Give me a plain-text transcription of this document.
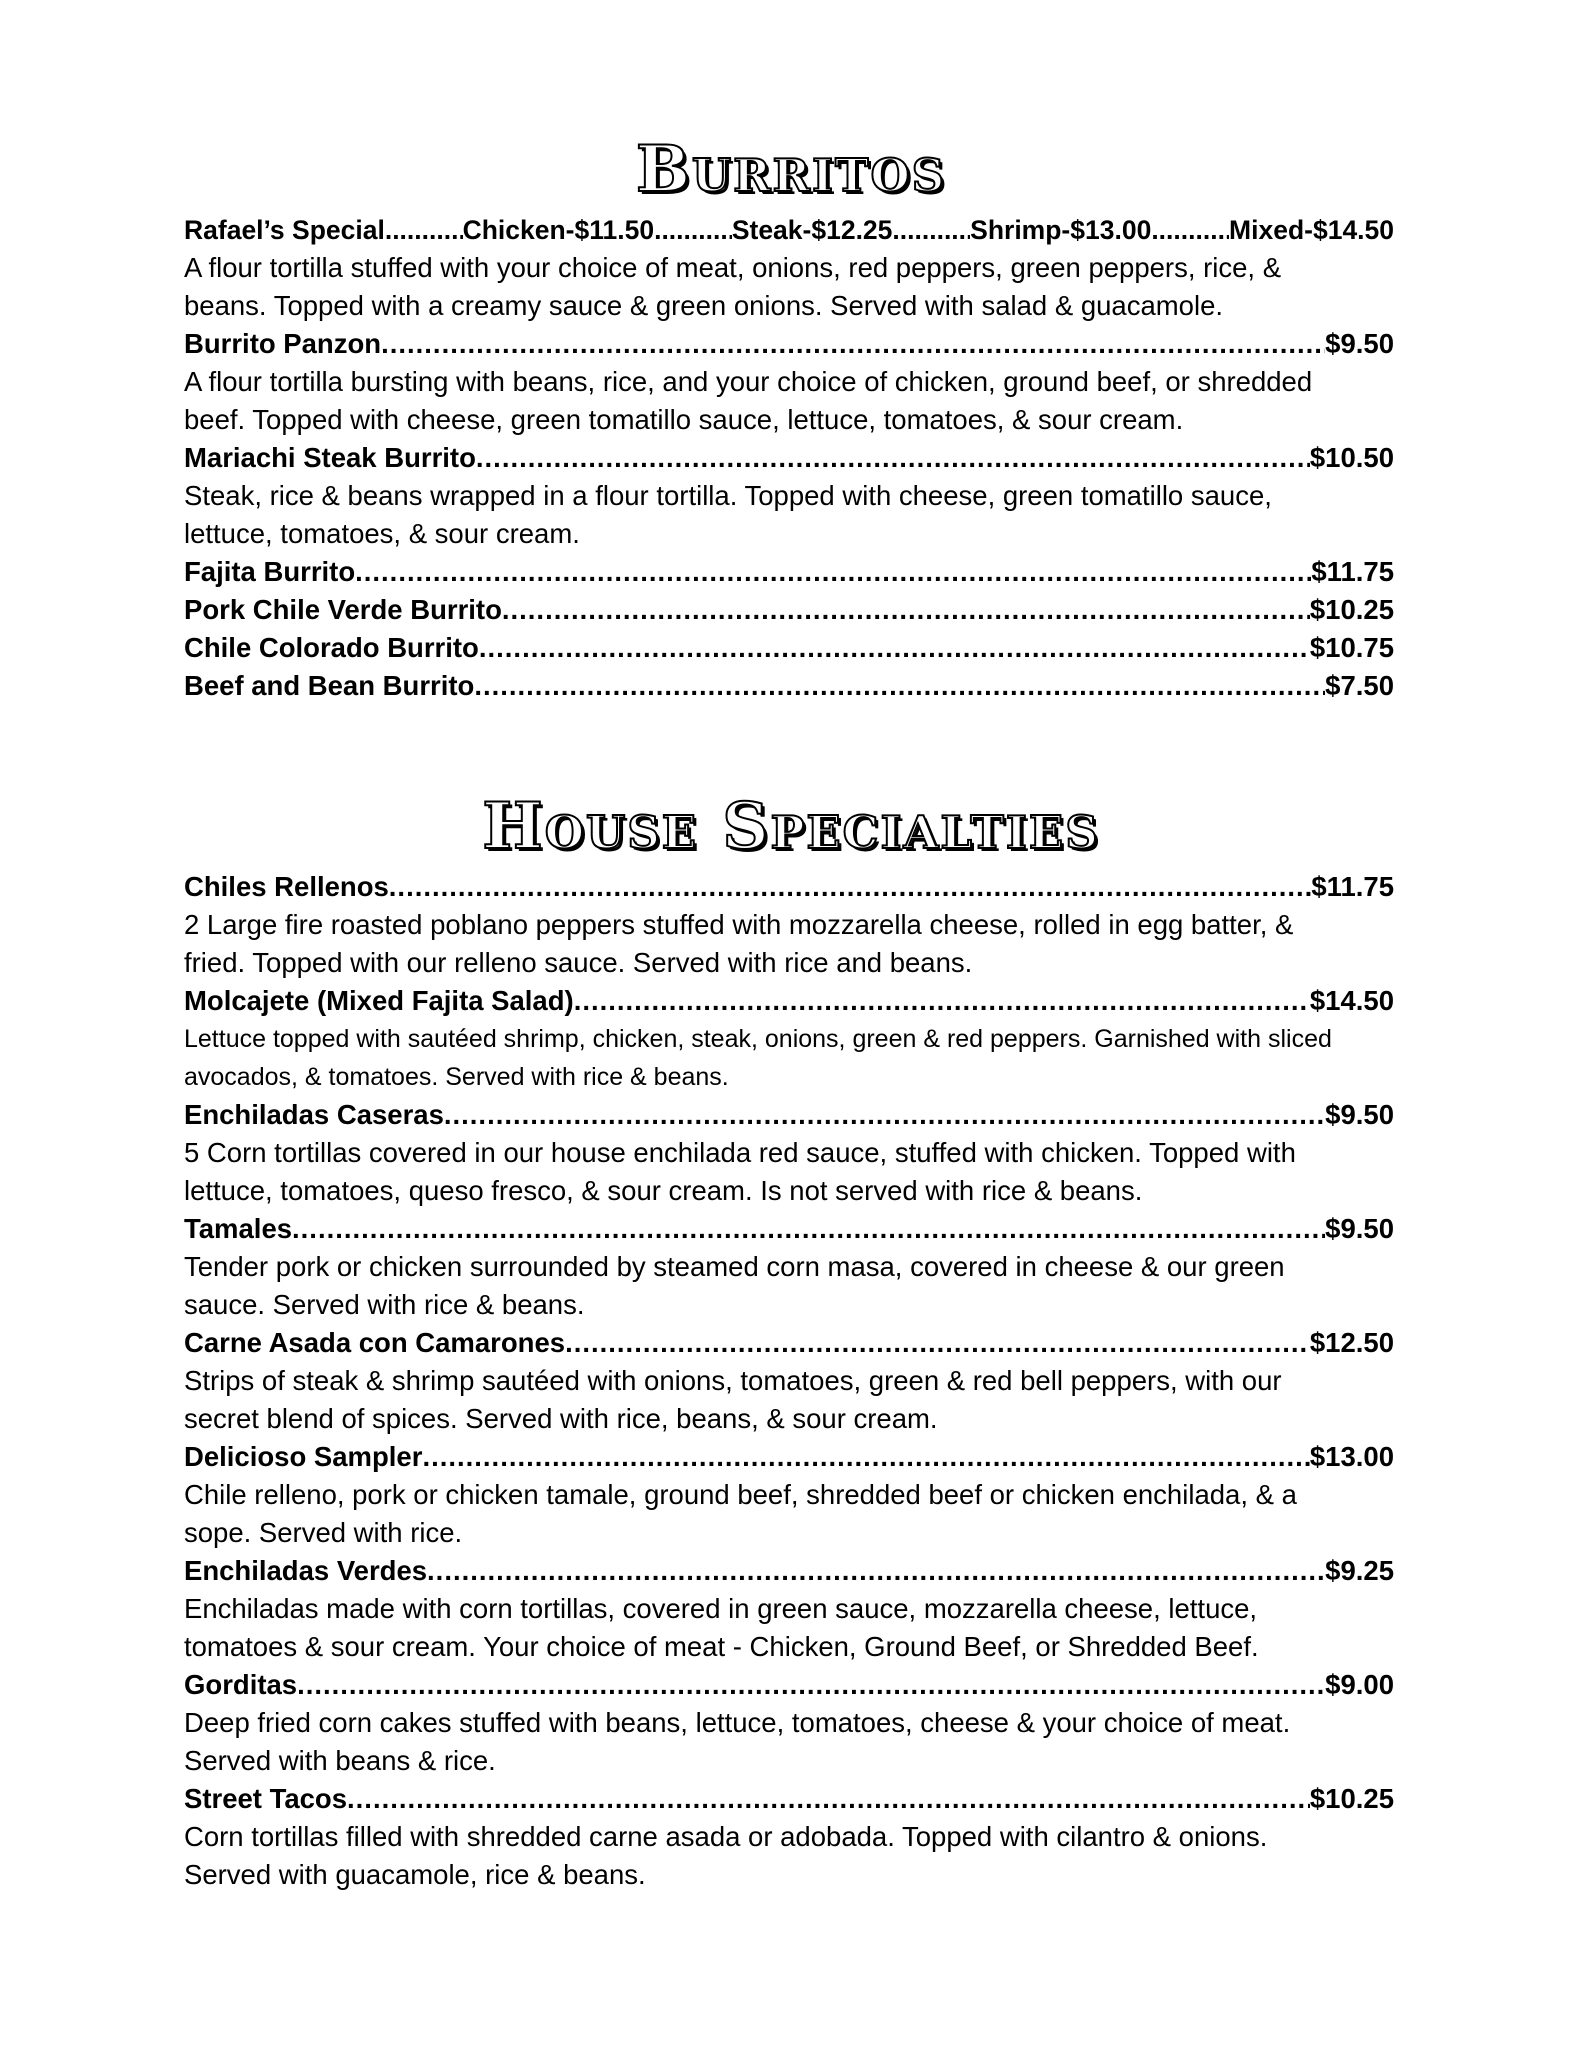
Burritos
Rafael’s Special .....	Chicken-$11.50 .....	Steak-$12.25 .....	Shrimp-$13.00 .....	Mixed-$14.50
A flour tortilla stuffed with your choice of meat, onions, red peppers, green peppers, rice, &
beans. Topped with a creamy sauce & green onions. Served with salad & guacamole.
Burrito Panzon .....	$9.50
A flour tortilla bursting with beans, rice, and your choice of chicken, ground beef, or shredded
beef. Topped with cheese, green tomatillo sauce, lettuce, tomatoes, & sour cream.
Mariachi Steak Burrito .....	$10.50
Steak, rice & beans wrapped in a flour tortilla. Topped with cheese, green tomatillo sauce,
lettuce, tomatoes, & sour cream.
Fajita Burrito .....	$11.75
Pork Chile Verde Burrito .....	$10.25
Chile Colorado Burrito .....	$10.75
Beef and Bean Burrito .....	$7.50
House Specialties
Chiles Rellenos .....	$11.75
2 Large fire roasted poblano peppers stuffed with mozzarella cheese, rolled in egg batter, &
fried. Topped with our relleno sauce. Served with rice and beans.
Molcajete (Mixed Fajita Salad) .....	$14.50
Lettuce topped with sautéed shrimp, chicken, steak, onions, green & red peppers. Garnished with sliced
avocados, & tomatoes. Served with rice & beans.
Enchiladas Caseras .....	$9.50
5 Corn tortillas covered in our house enchilada red sauce, stuffed with chicken. Topped with
lettuce, tomatoes, queso fresco, & sour cream. Is not served with rice & beans.
Tamales .....	$9.50
Tender pork or chicken surrounded by steamed corn masa, covered in cheese & our green
sauce. Served with rice & beans.
Carne Asada con Camarones .....	$12.50
Strips of steak & shrimp sautéed with onions, tomatoes, green & red bell peppers, with our
secret blend of spices. Served with rice, beans, & sour cream.
Delicioso Sampler .....	$13.00
Chile relleno, pork or chicken tamale, ground beef, shredded beef or chicken enchilada, & a
sope. Served with rice.
Enchiladas Verdes .....	$9.25
Enchiladas made with corn tortillas, covered in green sauce, mozzarella cheese, lettuce,
tomatoes & sour cream. Your choice of meat - Chicken, Ground Beef, or Shredded Beef.
Gorditas .....	$9.00
Deep fried corn cakes stuffed with beans, lettuce, tomatoes, cheese & your choice of meat.
Served with beans & rice.
Street Tacos .....	$10.25
Corn tortillas filled with shredded carne asada or adobada. Topped with cilantro & onions.
Served with guacamole, rice & beans.
